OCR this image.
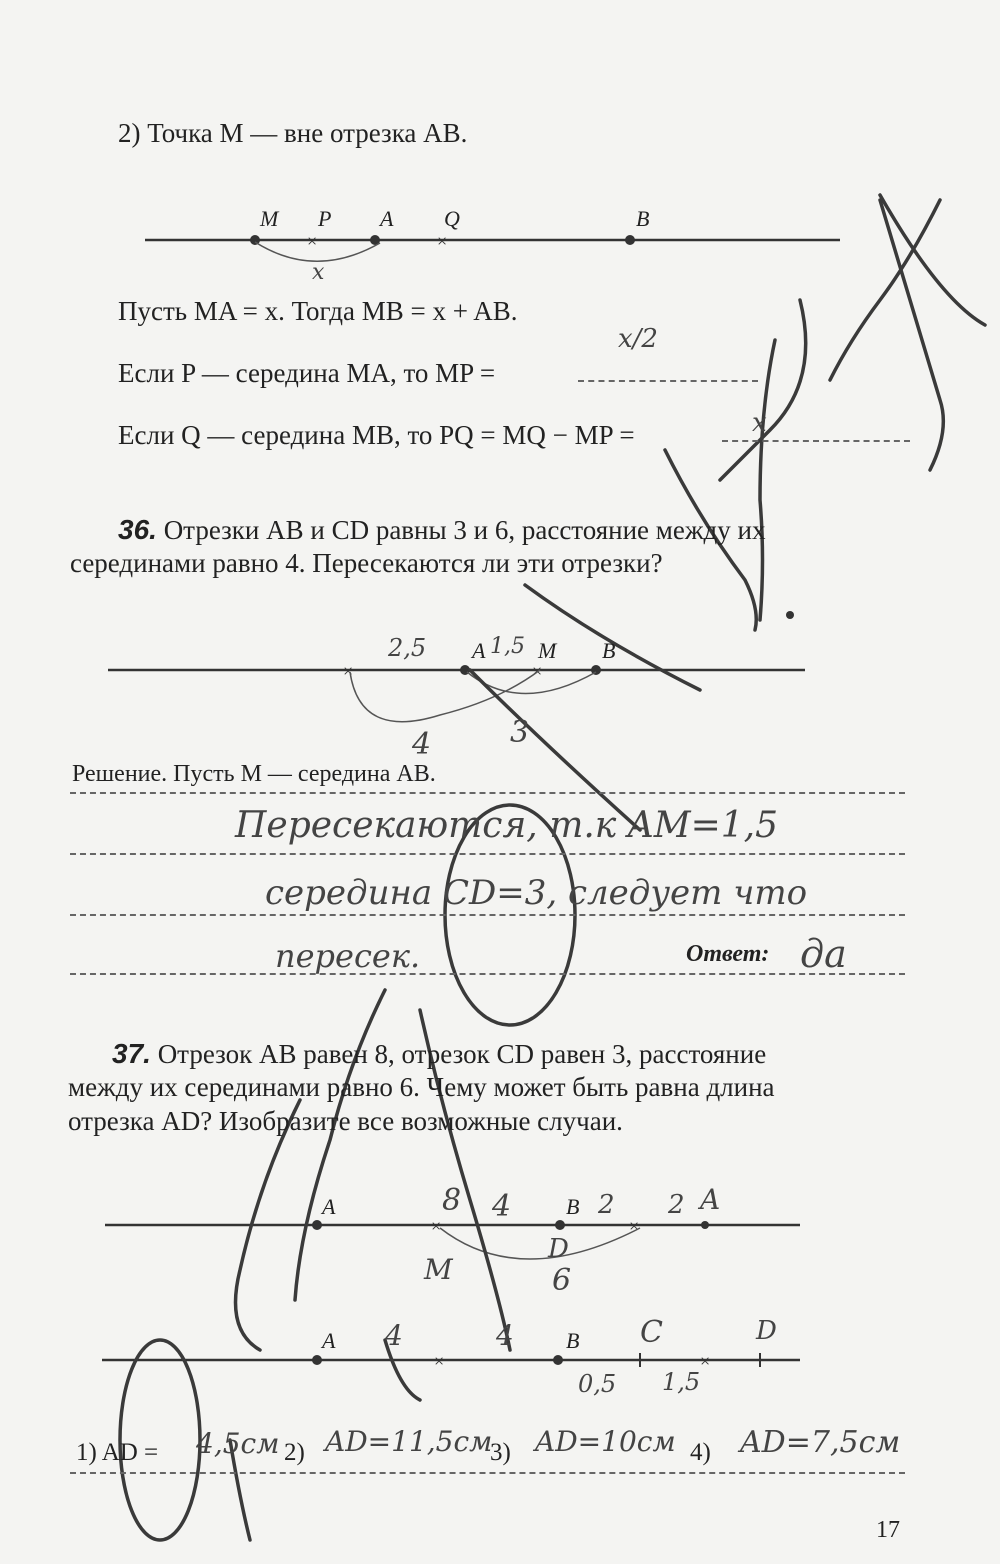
2) Точка M — вне отрезка AB.
×	×
×	×
×	×
×	×
M P A Q	B
x
Пусть MA = x. Тогда MB = x + AB.
Если P — середина MA, то MP =
x/2
Если Q — середина MB, то PQ = MQ − MP =	x
36. Отрезки AB и CD равны 3 и 6, расстояние между их
серединами равно 4. Пересекаются ли эти отрезки?
2,5 A 1,5 M B
4	3
Решение. Пусть M — середина AB.
Пересекаются, т.к AM=1,5
середина CD=3, следует что
пересек.	Ответ: да
37. Отрезок AB равен 8, отрезок CD равен 3, расстояние
между их серединами равно 6. Чему может быть равна длина
отрезка AD? Изобразите все возможные случаи.
A	8 4 B 2 2 A
M
D
6
A 4	4 B C	D
0,5 1,5
1) AD = 4,5см 2) AD=11,5см
3) AD=10см 4) AD=7,5см
17
